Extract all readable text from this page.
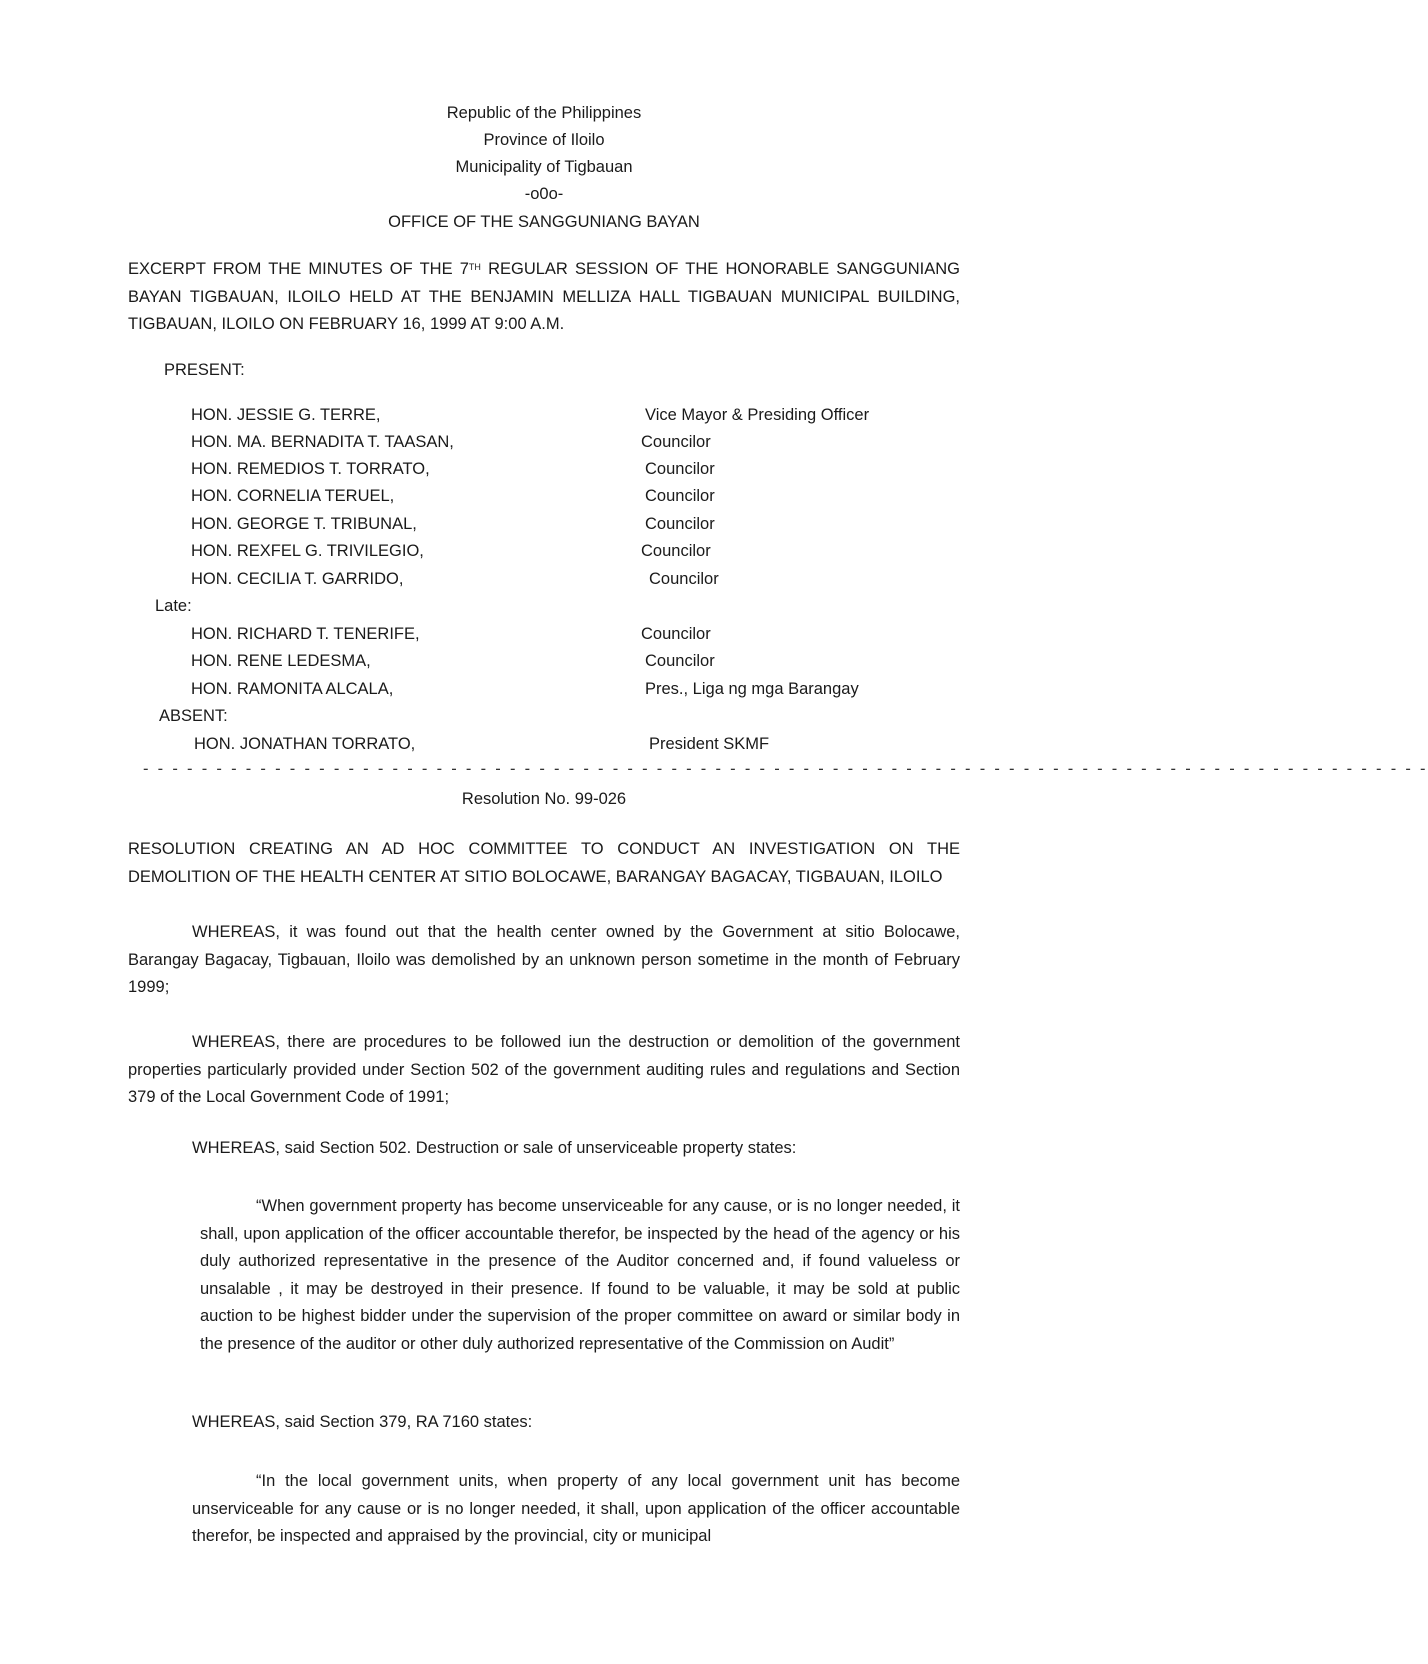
Republic of the Philippines
Province of Iloilo
Municipality of Tigbauan
-o0o-
OFFICE OF THE SANGGUNIANG BAYAN
EXCERPT FROM THE MINUTES OF THE 7TH REGULAR SESSION OF THE HONORABLE SANGGUNIANG BAYAN TIGBAUAN, ILOILO HELD AT THE BENJAMIN MELLIZA HALL TIGBAUAN MUNICIPAL BUILDING, TIGBAUAN, ILOILO ON FEBRUARY 16, 1999 AT 9:00 A.M.
PRESENT:
HON. JESSIE G. TERRE,	Vice Mayor & Presiding Officer
HON. MA. BERNADITA T. TAASAN,	Councilor
HON. REMEDIOS T. TORRATO,	Councilor
HON. CORNELIA TERUEL,	Councilor
HON. GEORGE T. TRIBUNAL,	Councilor
HON. REXFEL G. TRIVILEGIO,	Councilor
HON. CECILIA T. GARRIDO,	Councilor
Late:
HON. RICHARD T. TENERIFE,	Councilor
HON. RENE LEDESMA,	Councilor
HON. RAMONITA ALCALA,	Pres., Liga ng mga Barangay
ABSENT:
HON. JONATHAN TORRATO,	President SKMF
- - - - - - - - - - - - - - - - - - - - - - - - - - - - - - - - - - - - - - - - - - - - - - - - - - - - - - - - - - - - - - - - - - - - - - - - - - - - - - - - - - - - - - - -
Resolution No. 99-026
RESOLUTION CREATING AN AD HOC COMMITTEE TO CONDUCT AN INVESTIGATION ON THE DEMOLITION OF THE HEALTH CENTER AT SITIO BOLOCAWE, BARANGAY BAGACAY, TIGBAUAN, ILOILO
WHEREAS, it was found out that the health center owned by the Government at sitio Bolocawe, Barangay Bagacay, Tigbauan, Iloilo was demolished by an unknown person sometime in the month of February 1999;
WHEREAS, there are procedures to be followed iun the destruction or demolition of the government properties particularly provided under Section 502 of the government auditing rules and regulations and Section 379 of the Local Government Code of 1991;
WHEREAS, said Section 502. Destruction or sale of unserviceable property states:
“When government property has become unserviceable for any cause, or is no longer needed, it shall, upon application of the officer accountable therefor, be inspected by the head of the agency or his duly authorized representative in the presence of the Auditor concerned and, if found valueless or unsalable , it may be destroyed in their presence. If found to be valuable, it may be sold at public auction to be highest bidder under the supervision of the proper committee on award or similar body in the presence of the auditor or other duly authorized representative of the Commission on Audit”
WHEREAS, said Section 379, RA 7160 states:
“In the local government units, when property of any local government unit has become unserviceable for any cause or is no longer needed, it shall, upon application of the officer accountable therefor, be inspected and appraised by the provincial, city or municipal
